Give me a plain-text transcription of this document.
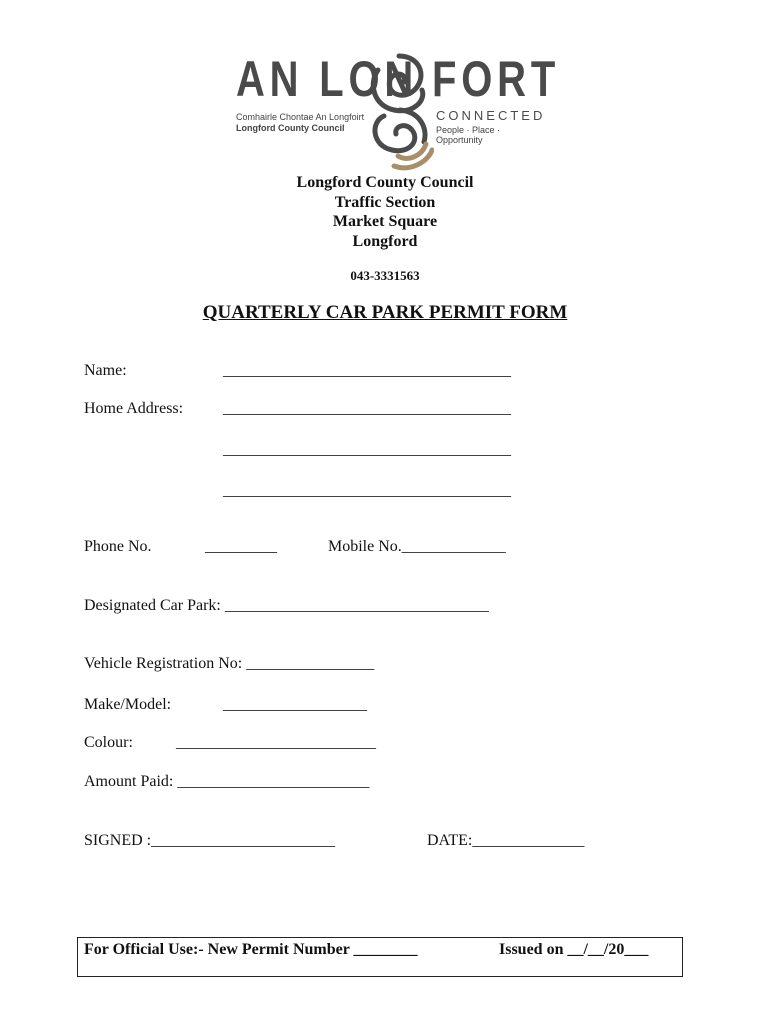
AN LON FORT
Comhairle Chontae An Longfoirt
Longford County Council
CONNECTED
People · Place · Opportunity
Longford County Council
Traffic Section
Market Square
Longford
043-3331563
QUARTERLY CAR PARK PERMIT FORM
Name:	____________________________________
Home Address: ____________________________________
____________________________________
____________________________________
Phone No.	_________	Mobile No._____________
Designated Car Park: _________________________________
Vehicle Registration No: ________________
Make/Model:	__________________
Colour:	_________________________
Amount Paid: ________________________
SIGNED :_______________________	DATE:______________
For Official Use:- New Permit Number ________	Issued on __/__/20___
